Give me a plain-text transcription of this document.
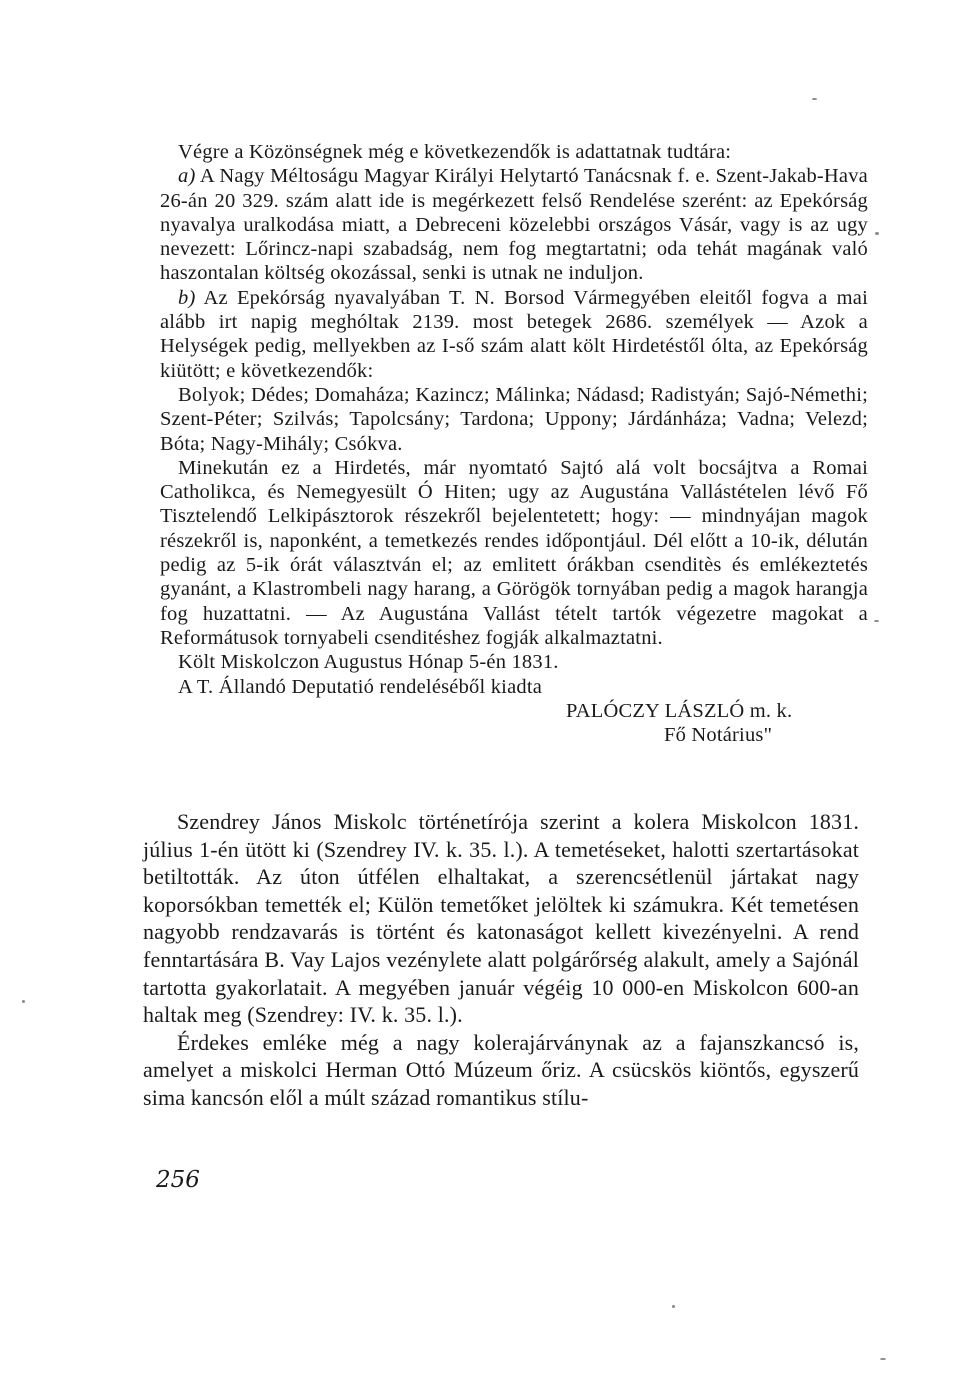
Végre a Közönségnek még e következendők is adattatnak tudtára:

a) A Nagy Méltoságu Magyar Királyi Helytartó Tanácsnak f. e. Szent-Jakab-Hava 26-án 20 329. szám alatt ide is megérkezett felső Rendelése szerént: az Epekórság nyavalya uralkodása miatt, a Debreceni közelebbi országos Vásár, vagy is az ugy nevezett: Lőrincz-napi szabadság, nem fog megtartatni; oda tehát magának való haszontalan költség okozással, senki is utnak ne induljon.

b) Az Epekórság nyavalyában T. N. Borsod Vármegyében eleitől fogva a mai alább irt napig meghóltak 2139. most betegek 2686. személyek — Azok a Helységek pedig, mellyekben az I-ső szám alatt költ Hirdetéstől ólta, az Epekórság kiütött; e következendők:

Bolyok; Dédes; Domaháza; Kazincz; Málinka; Nádasd; Radistyán; Sajó-Némethi; Szent-Péter; Szilvás; Tapolcsány; Tardona; Uppony; Járdánháza; Vadna; Velezd; Bóta; Nagy-Mihály; Csókva.

Minekután ez a Hirdetés, már nyomtató Sajtó alá volt bocsájtva a Romai Catholikca, és Nemegyesült Ó Hiten; ugy az Augustána Vallástételen lévő Fő Tisztelendő Lelkipásztorok részekről bejelentetett; hogy: — mindnyájan magok részekről is, naponként, a temetkezés rendes időpontjául. Dél előtt a 10-ik, délután pedig az 5-ik órát választván el; az emlitett órákban csenditès és emlékeztetés gyanánt, a Klastrombeli nagy harang, a Görögök tornyában pedig a magok harangja fog huzattatni. — Az Augustána Vallást tételt tartók végezetre magokat a Reformátusok tornyabeli csenditéshez fogják alkalmaztatni.

Költ Miskolczon Augustus Hónap 5-én 1831.

A T. Állandó Deputatió rendeléséből kiadta

PALÓCZY LÁSZLÓ m. k.

Fő Notárius"

Szendrey János Miskolc történetírója szerint a kolera Miskolcon 1831. július 1-én ütött ki (Szendrey IV. k. 35. l.). A temetéseket, halotti szertartásokat betiltották. Az úton útfélen elhaltakat, a szerencsétlenül jártakat nagy koporsókban temették el; Külön temetőket jelöltek ki számukra. Két temetésen nagyobb rendzavarás is történt és katonaságot kellett kivezényelni. A rend fenntartására B. Vay Lajos vezénylete alatt polgárőrség alakult, amely a Sajónál tartotta gyakorlatait. A megyében január végéig 10 000-en Miskolcon 600-an haltak meg (Szendrey: IV. k. 35. l.).

Érdekes emléke még a nagy kolerajárványnak az a fajanszkancsó is, amelyet a miskolci Herman Ottó Múzeum őriz. A csücskös kiöntős, egyszerű sima kancsón elől a múlt század romantikus stílu-

256
